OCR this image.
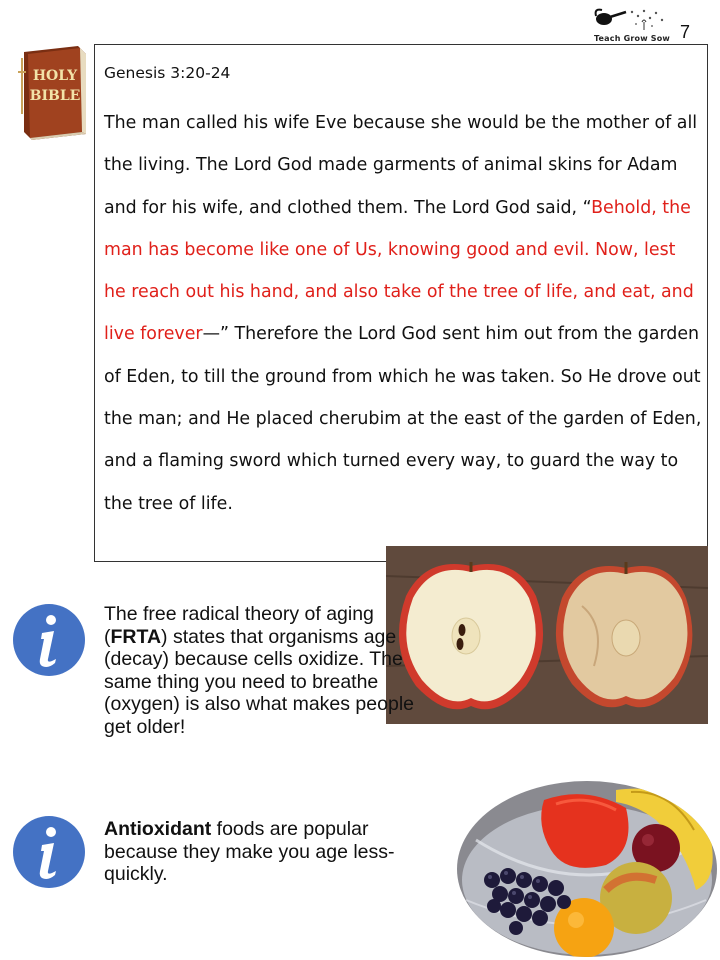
Teach Grow Sow 7
HOLY
BIBLE
Genesis 3:20-24

The man called his wife Eve because she would be the mother of all the living. The Lord God made garments of animal skins for Adam and for his wife, and clothed them. The Lord God said, “Behold, the man has become like one of Us, knowing good and evil. Now, lest he reach out his hand, and also take of the tree of life, and eat, and live forever—” Therefore the Lord God sent him out from the garden of Eden, to till the ground from which he was taken. So He drove out the man; and He placed cherubim at the east of the garden of Eden, and a flaming sword which turned every way, to guard the way to the tree of life.

The free radical theory of aging (FRTA) states that organisms age (decay) because cells oxidize. The same thing you need to breathe (oxygen) is also what makes people get older!

Antioxidant foods are popular because they make you age less-quickly.
